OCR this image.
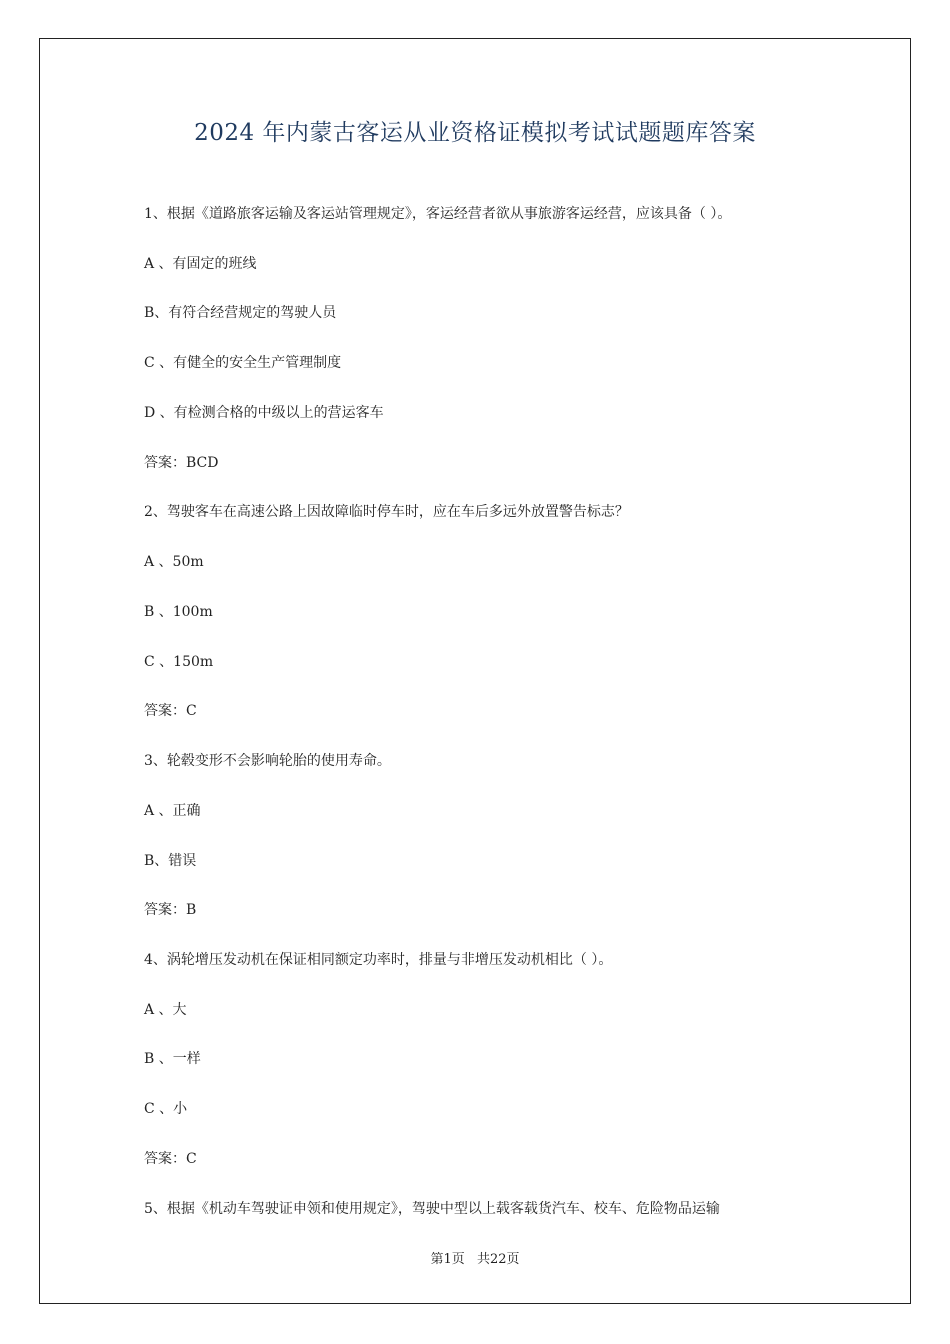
2024 年内蒙古客运从业资格证模拟考试试题题库答案
1、根据《道路旅客运输及客运站管理规定》，客运经营者欲从事旅游客运经营，应该具备（ ）。
A 、有固定的班线
B、有符合经营规定的驾驶人员
C 、有健全的安全生产管理制度
D 、有检测合格的中级以上的营运客车
答案：BCD
2、驾驶客车在高速公路上因故障临时停车时，应在车后多远外放置警告标志？
A 、50m
B 、100m
C 、150m
答案：C
3、轮毂变形不会影响轮胎的使用寿命。
A 、正确
B、错误
答案：B
4、涡轮增压发动机在保证相同额定功率时，排量与非增压发动机相比（ ）。
A 、大
B 、一样
C 、小
答案：C
5、根据《机动车驾驶证申领和使用规定》，驾驶中型以上载客载货汽车、校车、危险物品运输
第1页 共22页
